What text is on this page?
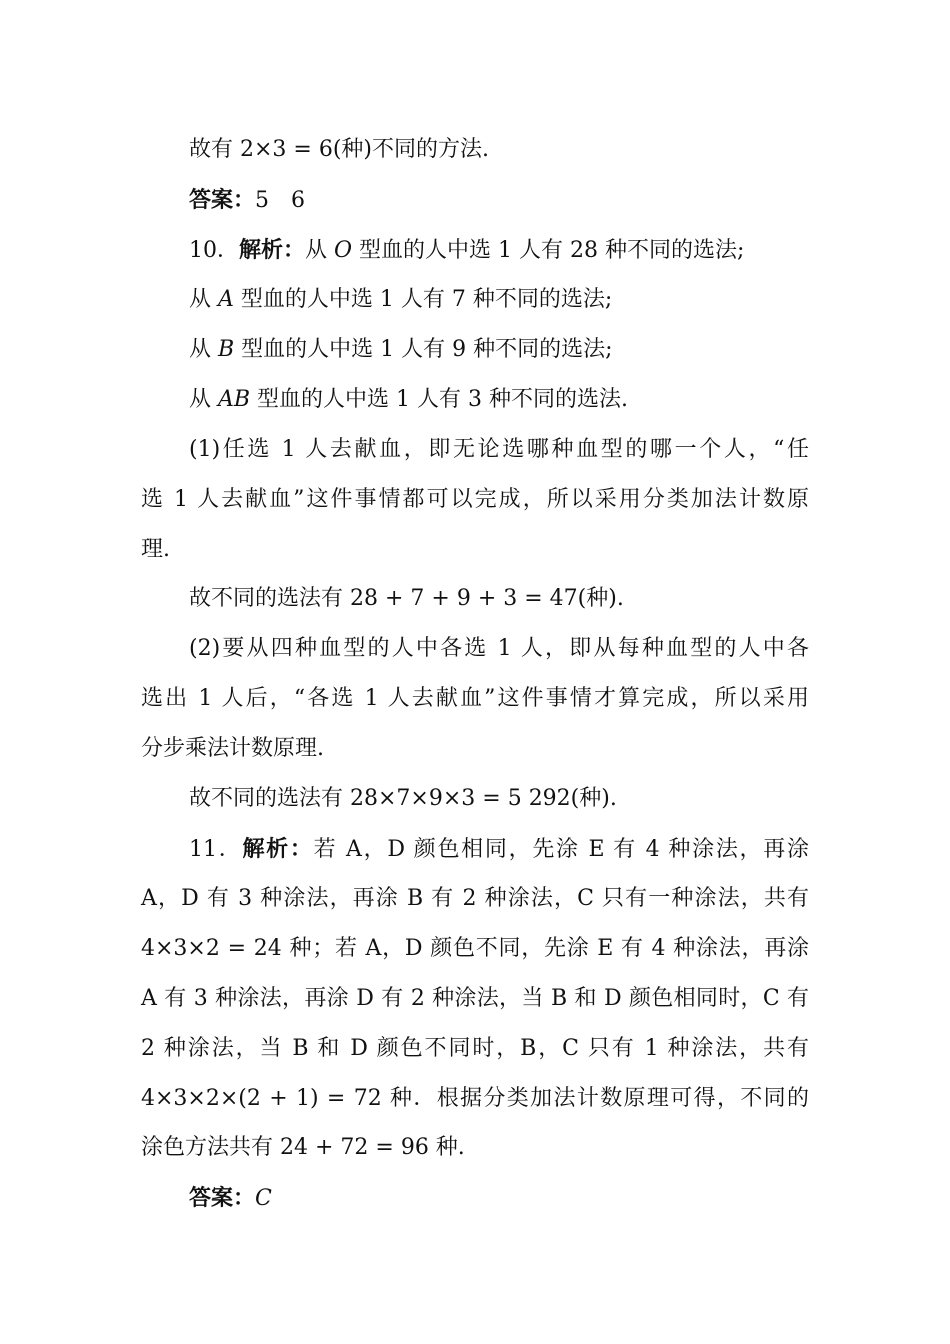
故有 2×3 = 6(种)不同的方法.
答案：5　6
10．解析：从 O 型血的人中选 1 人有 28 种不同的选法;
从 A 型血的人中选 1 人有 7 种不同的选法;
从 B 型血的人中选 1 人有 9 种不同的选法;
从 AB 型血的人中选 1 人有 3 种不同的选法.
(1)任选 1 人去献血，即无论选哪种血型的哪一个人，“任
选 1 人去献血”这件事情都可以完成，所以采用分类加法计数原
理.
故不同的选法有 28 + 7 + 9 + 3 = 47(种).
(2)要从四种血型的人中各选 1 人，即从每种血型的人中各
选出 1 人后，“各选 1 人去献血”这件事情才算完成，所以采用
分步乘法计数原理.
故不同的选法有 28×7×9×3 = 5 292(种).
11．解析：若 A，D 颜色相同，先涂 E 有 4 种涂法，再涂
A，D 有 3 种涂法，再涂 B 有 2 种涂法，C 只有一种涂法，共有
4×3×2 = 24 种；若 A，D 颜色不同，先涂 E 有 4 种涂法，再涂
A 有 3 种涂法，再涂 D 有 2 种涂法，当 B 和 D 颜色相同时，C 有
2 种涂法，当 B 和 D 颜色不同时，B，C 只有 1 种涂法，共有
4×3×2×(2 + 1) = 72 种．根据分类加法计数原理可得，不同的
涂色方法共有 24 + 72 = 96 种.
答案：C
